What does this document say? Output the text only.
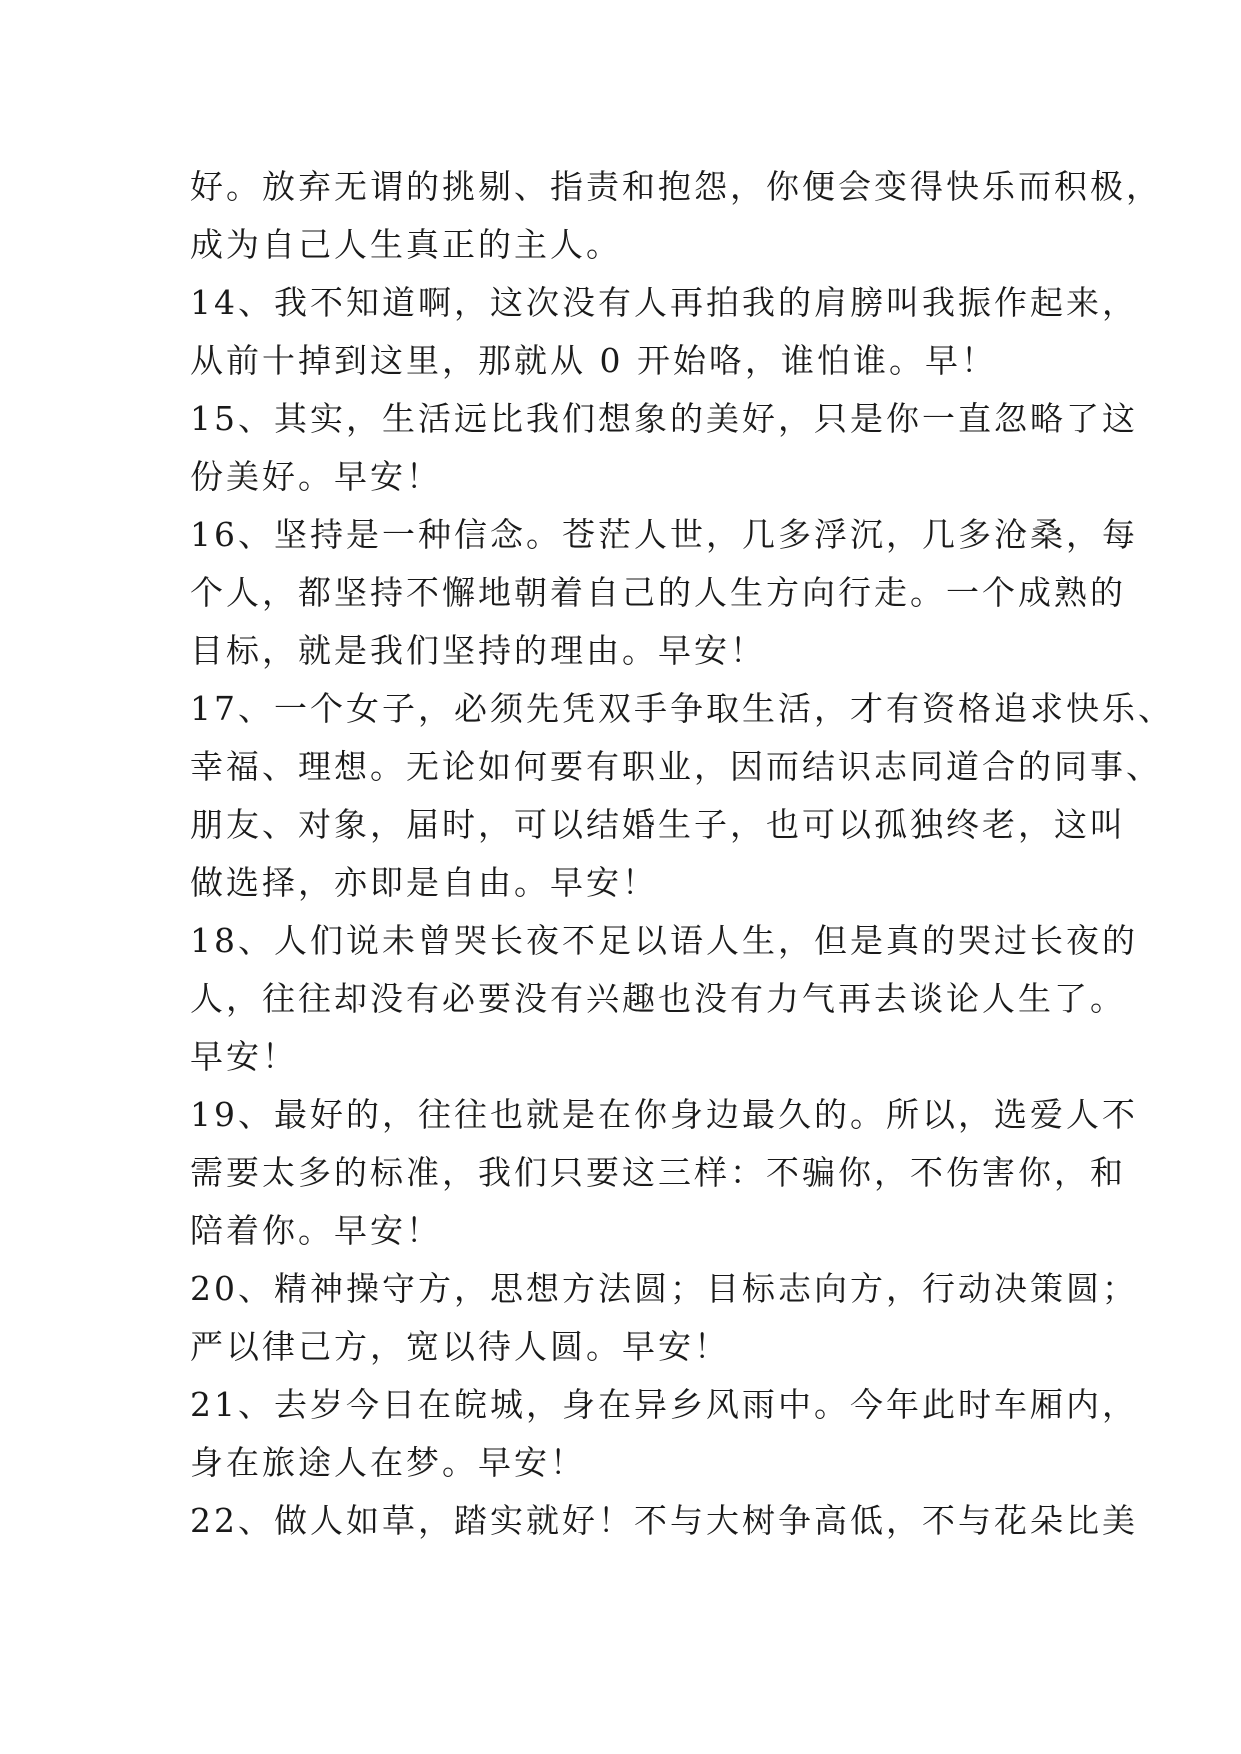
好。放弃无谓的挑剔、指责和抱怨，你便会变得快乐而积极，
成为自己人生真正的主人。
14、我不知道啊，这次没有人再拍我的肩膀叫我振作起来，
从前十掉到这里，那就从 0 开始咯，谁怕谁。早！
15、其实，生活远比我们想象的美好，只是你一直忽略了这
份美好。早安！
16、坚持是一种信念。苍茫人世，几多浮沉，几多沧桑，每
个人，都坚持不懈地朝着自己的人生方向行走。一个成熟的
目标，就是我们坚持的理由。早安！
17、一个女子，必须先凭双手争取生活，才有资格追求快乐、
幸福、理想。无论如何要有职业，因而结识志同道合的同事、
朋友、对象，届时，可以结婚生子，也可以孤独终老，这叫
做选择，亦即是自由。早安！
18、人们说未曾哭长夜不足以语人生，但是真的哭过长夜的
人，往往却没有必要没有兴趣也没有力气再去谈论人生了。
早安！
19、最好的，往往也就是在你身边最久的。所以，选爱人不
需要太多的标准，我们只要这三样：不骗你，不伤害你，和
陪着你。早安！
20、精神操守方，思想方法圆；目标志向方，行动决策圆；
严以律己方，宽以待人圆。早安！
21、去岁今日在皖城，身在异乡风雨中。今年此时车厢内，
身在旅途人在梦。早安！
22、做人如草，踏实就好！不与大树争高低，不与花朵比美
